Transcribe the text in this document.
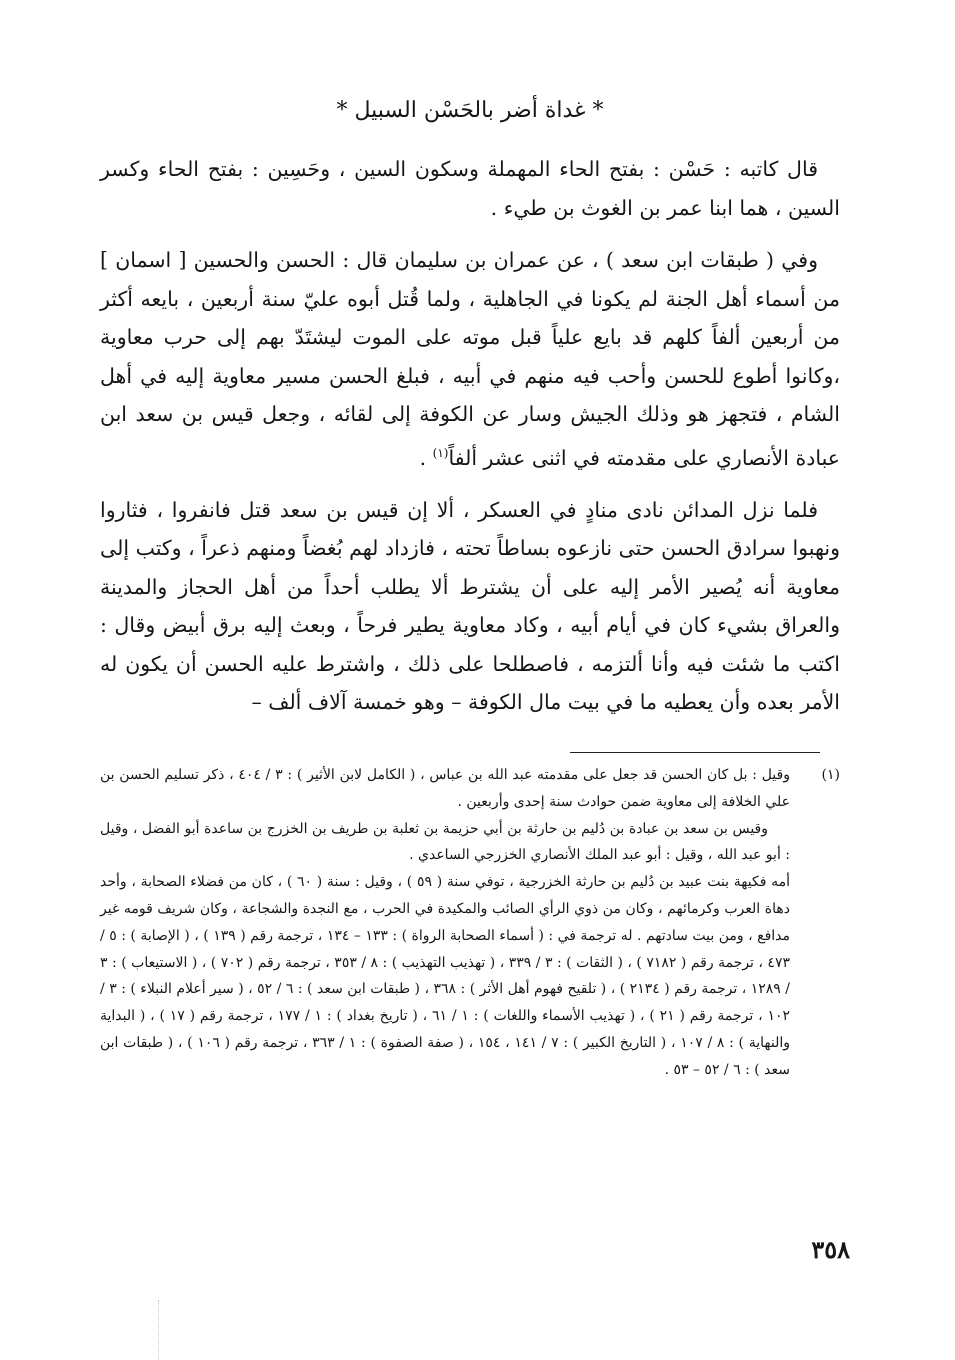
* غداة أضر بالحَسْن السبيل *

قال كاتبه : حَسْن : بفتح الحاء المهملة وسكون السين ، وحَسِين : بفتح الحاء وكسر السين ، هما ابنا عمر بن الغوث بن طيء .

وفي ( طبقات ابن سعد ) ، عن عمران بن سليمان قال : الحسن والحسين [ اسمان ] من أسماء أهل الجنة لم يكونا في الجاهلية ، ولما قُتل أبوه عليّ سنة أربعين ، بايعه أكثر من أربعين ألفاً كلهم قد بايع علياً قبل موته على الموت ليشتَدّ بهم إلى حرب معاوية ،وكانوا أطوع للحسن وأحب فيه منهم في أبيه ، فبلغ الحسن مسير معاوية إليه في أهل الشام ، فتجهز هو وذلك الجيش وسار عن الكوفة إلى لقائه ، وجعل قيس بن سعد ابن عبادة الأنصاري على مقدمته في اثنى عشر ألفاً$^{(١)}$ .

فلما نزل المدائن نادى منادٍ في العسكر ، ألا إن قيس بن سعد قتل فانفروا ، فثاروا ونهبوا سرادق الحسن حتى نازعوه بساطاً تحته ، فازداد لهم بُغضاً ومنهم ذعراً ، وكتب إلى معاوية أنه يُصير الأمر إليه على أن يشترط ألا يطلب أحداً من أهل الحجاز والمدينة والعراق بشيء كان في أيام أبيه ، وكاد معاوية يطير فرحاً ، وبعث إليه برق أبيض وقال : اكتب ما شئت فيه وأنا ألتزمه ، فاصطلحا على ذلك ، واشترط عليه الحسن أن يكون له الأمر بعده وأن يعطيه ما في بيت مال الكوفة – وهو خمسة آلاف ألف –

(١)

وقيل : بل كان الحسن قد جعل على مقدمته عبد الله بن عباس ، ( الكامل لابن الأثير ) : ٣ / ٤٠٤ ، ذكر تسليم الحسن بن علي الخلافة إلى معاوية ضمن حوادث سنة إحدى وأربعين .

وقيس بن سعد بن عبادة بن دُليم بن حارثة بن أبي حزيمة بن ثعلبة بن طريف بن الخزرج بن ساعدة أبو الفضل ، وقيل : أبو عبد الله ، وقيل : أبو عبد الملك الأنصاري الخزرجي الساعدي .

أمه فكيهة بنت عبيد بن دُليم بن حارثة الخزرجية ، توفي سنة ( ٥٩ ) ، وقيل : سنة ( ٦٠ ) ، كان من فضلاء الصحابة ، وأحد دهاة العرب وكرمائهم ، وكان من ذوي الرأي الصائب والمكيدة في الحرب ، مع النجدة والشجاعة ، وكان شريف قومه غير مدافع ، ومن بيت سادتهم . له ترجمة في : ( أسماء الصحابة الرواة ) : ١٣٣ – ١٣٤ ، ترجمة رقم ( ١٣٩ ) ، ( الإصابة ) : ٥ / ٤٧٣ ، ترجمة رقم ( ٧١٨٢ ) ، ( الثقات ) : ٣ / ٣٣٩ ، ( تهذيب التهذيب ) : ٨ / ٣٥٣ ، ترجمة رقم ( ٧٠٢ ) ، ( الاستيعاب ) : ٣ / ١٢٨٩ ، ترجمة رقم ( ٢١٣٤ ) ، ( تلقيح فهوم أهل الأثر ) : ٣٦٨ ، ( طبقات ابن سعد ) : ٦ / ٥٢ ، ( سير أعلام النبلاء ) : ٣ / ١٠٢ ، ترجمة رقم ( ٢١ ) ، ( تهذيب الأسماء واللغات ) : ١ / ٦١ ، ( تاريخ بغداد ) : ١ / ١٧٧ ، ترجمة رقم ( ١٧ ) ، ( البداية والنهاية ) : ٨ / ١٠٧ ، ( التاريخ الكبير ) : ٧ / ١٤١ ، ١٥٤ ، ( صفة الصفوة ) : ١ / ٣٦٣ ، ترجمة رقم ( ١٠٦ ) ، ( طبقات ابن سعد ) : ٦ / ٥٢ – ٥٣ .

٣٥٨
